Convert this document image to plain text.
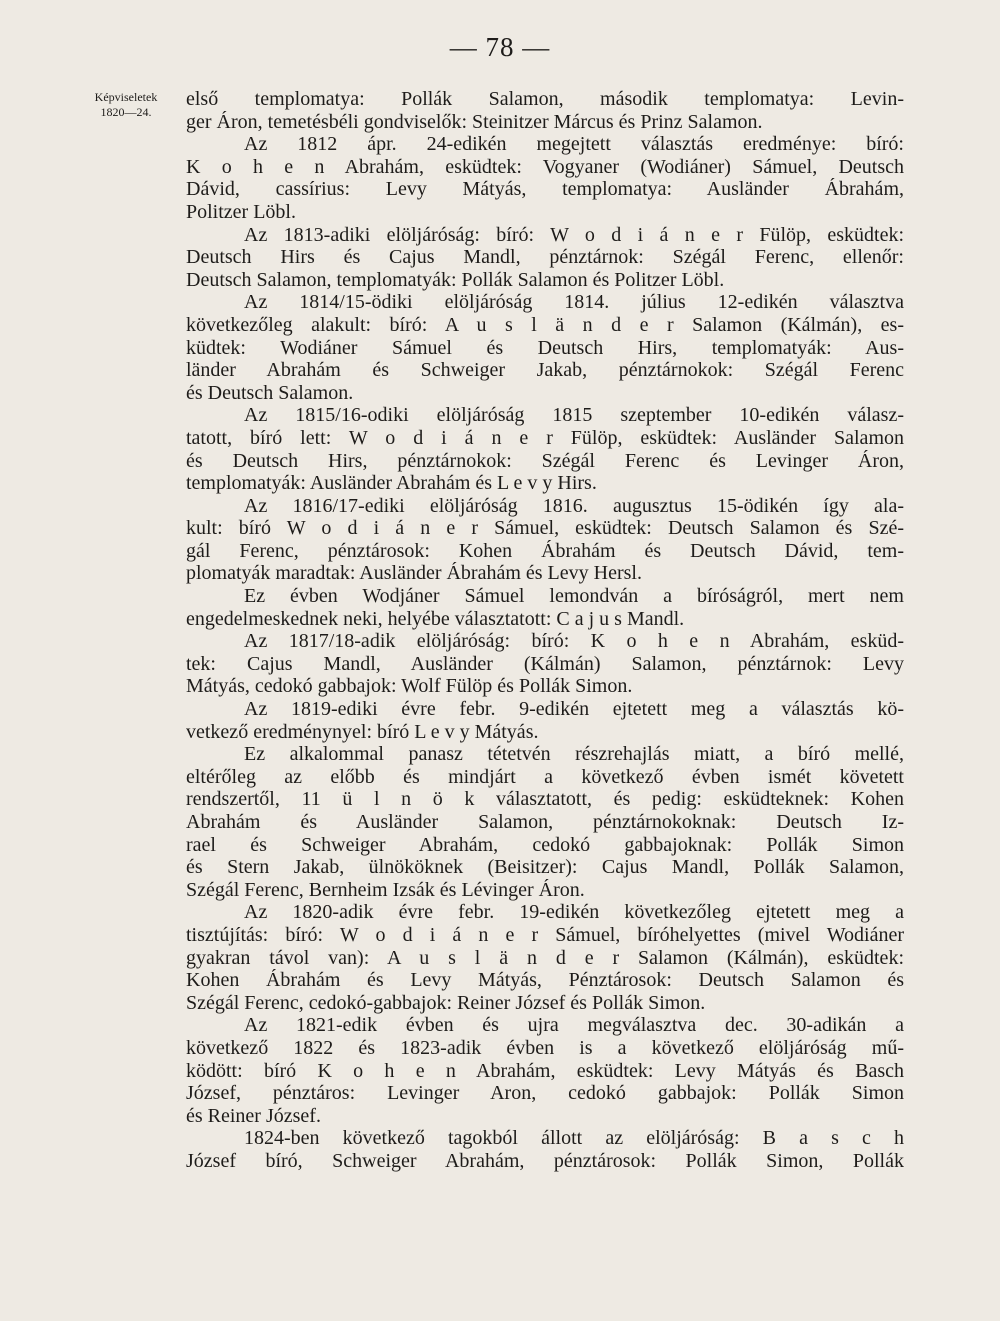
— 78 —
Képviseletek
1820—24.
első templomatya: Pollák Salamon, második templomatya: Levin-
ger Áron, temetésbéli gondviselők: Steinitzer Márcus és Prinz Salamon.
Az 1812 ápr. 24-edikén megejtett választás eredménye: bíró:
K o h e n Abrahám, esküdtek: Vogyaner (Wodiáner) Sámuel, Deutsch
Dávid, cassírius: Levy Mátyás, templomatya: Ausländer Ábrahám,
Politzer Löbl.
Az 1813-adiki elöljáróság: bíró: W o d i á n e r Fülöp, esküdtek:
Deutsch Hirs és Cajus Mandl, pénztárnok: Szégál Ferenc, ellenőr:
Deutsch Salamon, templomatyák: Pollák Salamon és Politzer Löbl.
Az 1814/15-ödiki elöljáróság 1814. július 12-edikén választva
következőleg alakult: bíró: A u s l ä n d e r Salamon (Kálmán), es-
küdtek: Wodiáner Sámuel és Deutsch Hirs, templomatyák: Aus-
länder Abrahám és Schweiger Jakab, pénztárnokok: Szégál Ferenc
és Deutsch Salamon.
Az 1815/16-odiki elöljáróság 1815 szeptember 10-edikén válasz-
tatott, bíró lett: W o d i á n e r Fülöp, esküdtek: Ausländer Salamon
és Deutsch Hirs, pénztárnokok: Szégál Ferenc és Levinger Áron,
templomatyák: Ausländer Abrahám és L e v y Hirs.
Az 1816/17-ediki elöljáróság 1816. augusztus 15-ödikén így ala-
kult: bíró W o d i á n e r Sámuel, esküdtek: Deutsch Salamon és Szé-
gál Ferenc, pénztárosok: Kohen Ábrahám és Deutsch Dávid, tem-
plomatyák maradtak: Ausländer Ábrahám és Levy Hersl.
Ez évben Wodjáner Sámuel lemondván a bíróságról, mert nem
engedelmeskednek neki, helyébe választatott: C a j u s Mandl.
Az 1817/18-adik elöljáróság: bíró: K o h e n Abrahám, esküd-
tek: Cajus Mandl, Ausländer (Kálmán) Salamon, pénztárnok: Levy
Mátyás, cedokó gabbajok: Wolf Fülöp és Pollák Simon.
Az 1819-ediki évre febr. 9-edikén ejtetett meg a választás kö-
vetkező eredménynyel: bíró L e v y Mátyás.
Ez alkalommal panasz tétetvén részrehajlás miatt, a bíró mellé,
eltérőleg az előbb és mindjárt a következő évben ismét követett
rendszertől, 11 ü l n ö k választatott, és pedig: esküdteknek: Kohen
Abrahám és Ausländer Salamon, pénztárnokoknak: Deutsch Iz-
rael és Schweiger Abrahám, cedokó gabbajoknak: Pollák Simon
és Stern Jakab, ülnököknek (Beisitzer): Cajus Mandl, Pollák Salamon,
Szégál Ferenc, Bernheim Izsák és Lévinger Áron.
Az 1820-adik évre febr. 19-edikén következőleg ejtetett meg a
tisztújítás: bíró: W o d i á n e r Sámuel, bíróhelyettes (mivel Wodiáner
gyakran távol van): A u s l ä n d e r Salamon (Kálmán), esküdtek:
Kohen Ábrahám és Levy Mátyás, Pénztárosok: Deutsch Salamon és
Szégál Ferenc, cedokó-gabbajok: Reiner József és Pollák Simon.
Az 1821-edik évben és ujra megválasztva dec. 30-adikán a
következő 1822 és 1823-adik évben is a következő elöljáróság mű-
ködött: bíró K o h e n Abrahám, esküdtek: Levy Mátyás és Basch
József, pénztáros: Levinger Aron, cedokó gabbajok: Pollák Simon
és Reiner József.
1824-ben következő tagokból állott az elöljáróság: B a s c h
József bíró, Schweiger Abrahám, pénztárosok: Pollák Simon, Pollák
